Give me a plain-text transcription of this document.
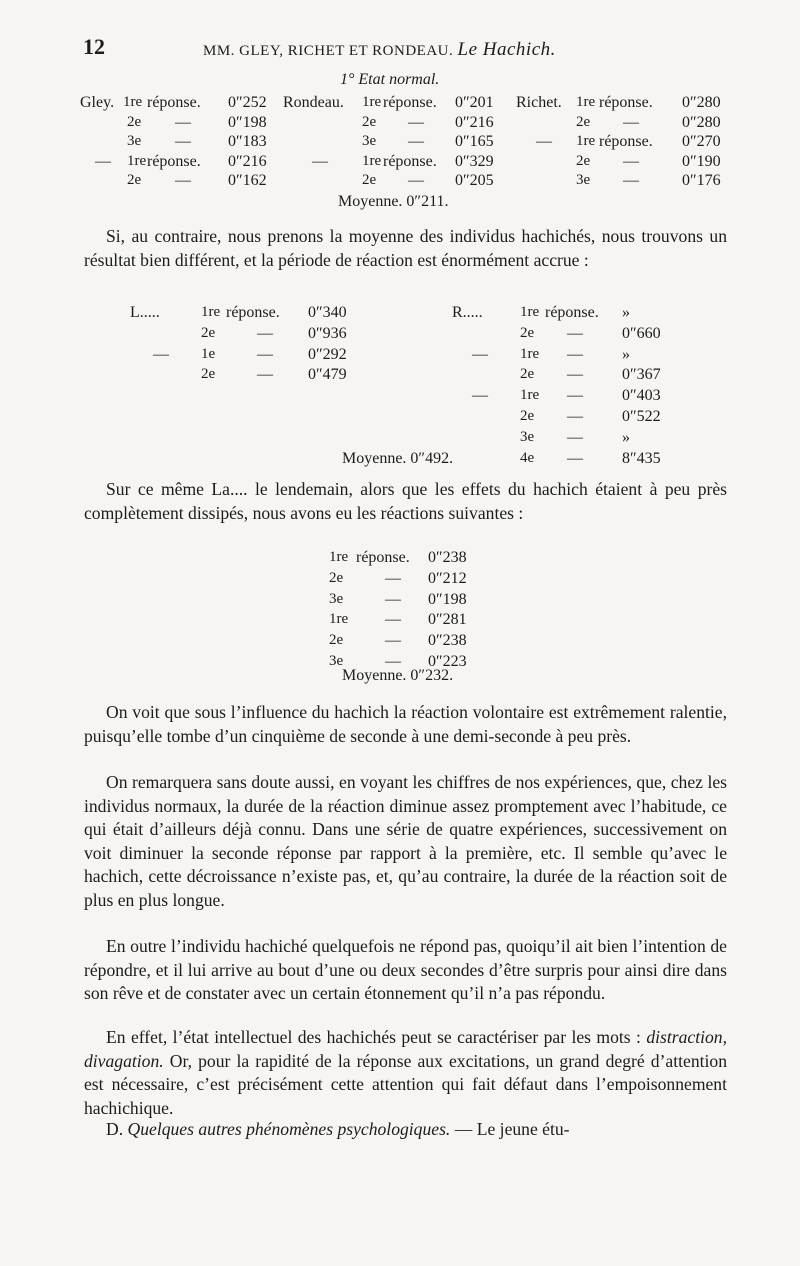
12	MM. GLEY, RICHET ET RONDEAU. Le Hachich.
1° Etat normal.
Gley. 1re réponse. 0″252
2e — 0″198
3e — 0″183
— 1re réponse. 0″216
2e — 0″162
Rondeau. 1re réponse. 0″201
2e — 0″216
3e — 0″165
— 1re réponse. 0″329
2e — 0″205
Richet. 1re réponse. 0″280
2e —	0″280
— 1re réponse. 0″270
2e —	0″190
3e —	0″176
Moyenne. 0″211.

Si, au contraire, nous prenons la moyenne des individus hachichés, nous trouvons un résultat bien différent, et la période de réaction est énormément accrue :

L.....	1re réponse. 0″340
2e	— 0″936
— 1e	— 0″292
2e	— 0″479
R..... 1re réponse. »
2e — 0″660
— 1re — »
2e — 0″367
— 1re — 0″403
2e — 0″522
3e — »
4e — 8″435
Moyenne. 0″492.

Sur ce même La.... le lendemain, alors que les effets du hachich étaient à peu près complètement dissipés, nous avons eu les réactions suivantes :

1re réponse. 0″238
2e	— 0″212
3e	— 0″198
1re — 0″281
2e	— 0″238
3e	— 0″223
Moyenne. 0″232.

On voit que sous l’influence du hachich la réaction volontaire est extrêmement ralentie, puisqu’elle tombe d’un cinquième de seconde à une demi-seconde à peu près.

On remarquera sans doute aussi, en voyant les chiffres de nos expériences, que, chez les individus normaux, la durée de la réaction diminue assez promptement avec l’habitude, ce qui était d’ailleurs déjà connu. Dans une série de quatre expériences, successivement on voit diminuer la seconde réponse par rapport à la première, etc. Il semble qu’avec le hachich, cette décroissance n’existe pas, et, qu’au contraire, la durée de la réaction soit de plus en plus longue.

En outre l’individu hachiché quelquefois ne répond pas, quoiqu’il ait bien l’intention de répondre, et il lui arrive au bout d’une ou deux secondes d’être surpris pour ainsi dire dans son rêve et de constater avec un certain étonnement qu’il n’a pas répondu.

En effet, l’état intellectuel des hachichés peut se caractériser par les mots : distraction, divagation. Or, pour la rapidité de la réponse aux excitations, un grand degré d’attention est nécessaire, c’est précisément cette attention qui fait défaut dans l’empoisonnement hachichique.

D. Quelques autres phénomènes psychologiques. — Le jeune étu-
